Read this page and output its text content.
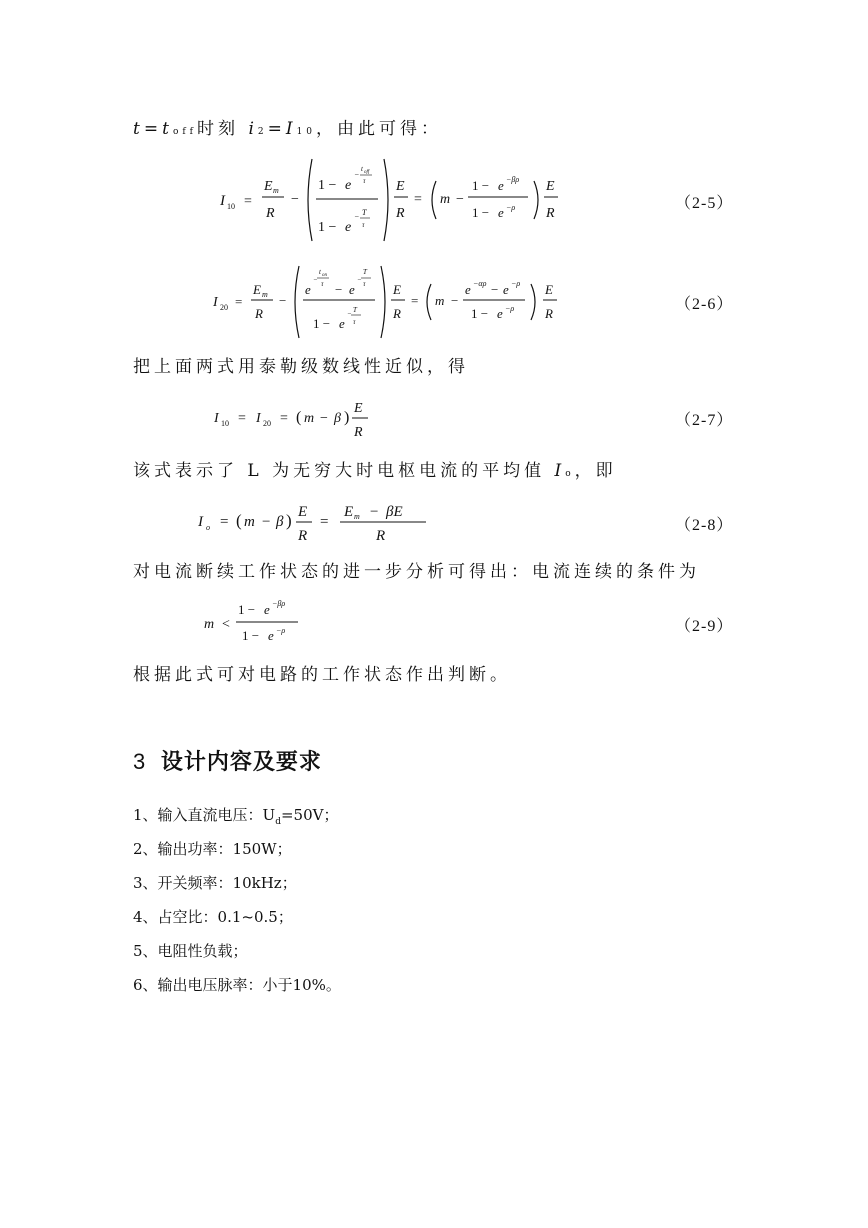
t=toff时刻 i2=I10，由此可得：
I 10 =
E m
R
−
1 − e
−
t off
τ
1 − e
− T
τ
E
R
= m −
1 − e −βρ
1 − e −ρ
E
R
（2-5）
I 20 =
E m
R
−
e
−
t on
τ − e
−
T
τ
1 − e
− T
τ
E
R
= m −
e −αρ − e −ρ
1 − e −ρ
E
R
（2-6）
把上面两式用泰勒级数线性近似，得
I 10 = I 20 = ( m − β )
E
R
（2-7）
该式表示了 L 为无穷大时电枢电流的平均值 Io，即
I o = ( m − β ) E
R
=
E m − βE
R
（2-8）
对电流断续工作状态的进一步分析可得出：电流连续的条件为
m <
1 − e −βρ
1 − e −ρ	（2-9）
根据此式可对电路的工作状态作出判断。
3 设计内容及要求
1、输入直流电压：$U_d=50V$；
2、输出功率：150W；
3、开关频率：10kHz；
4、占空比：0.1~0.5；
5、电阻性负载；
6、输出电压脉率：小于10%。
